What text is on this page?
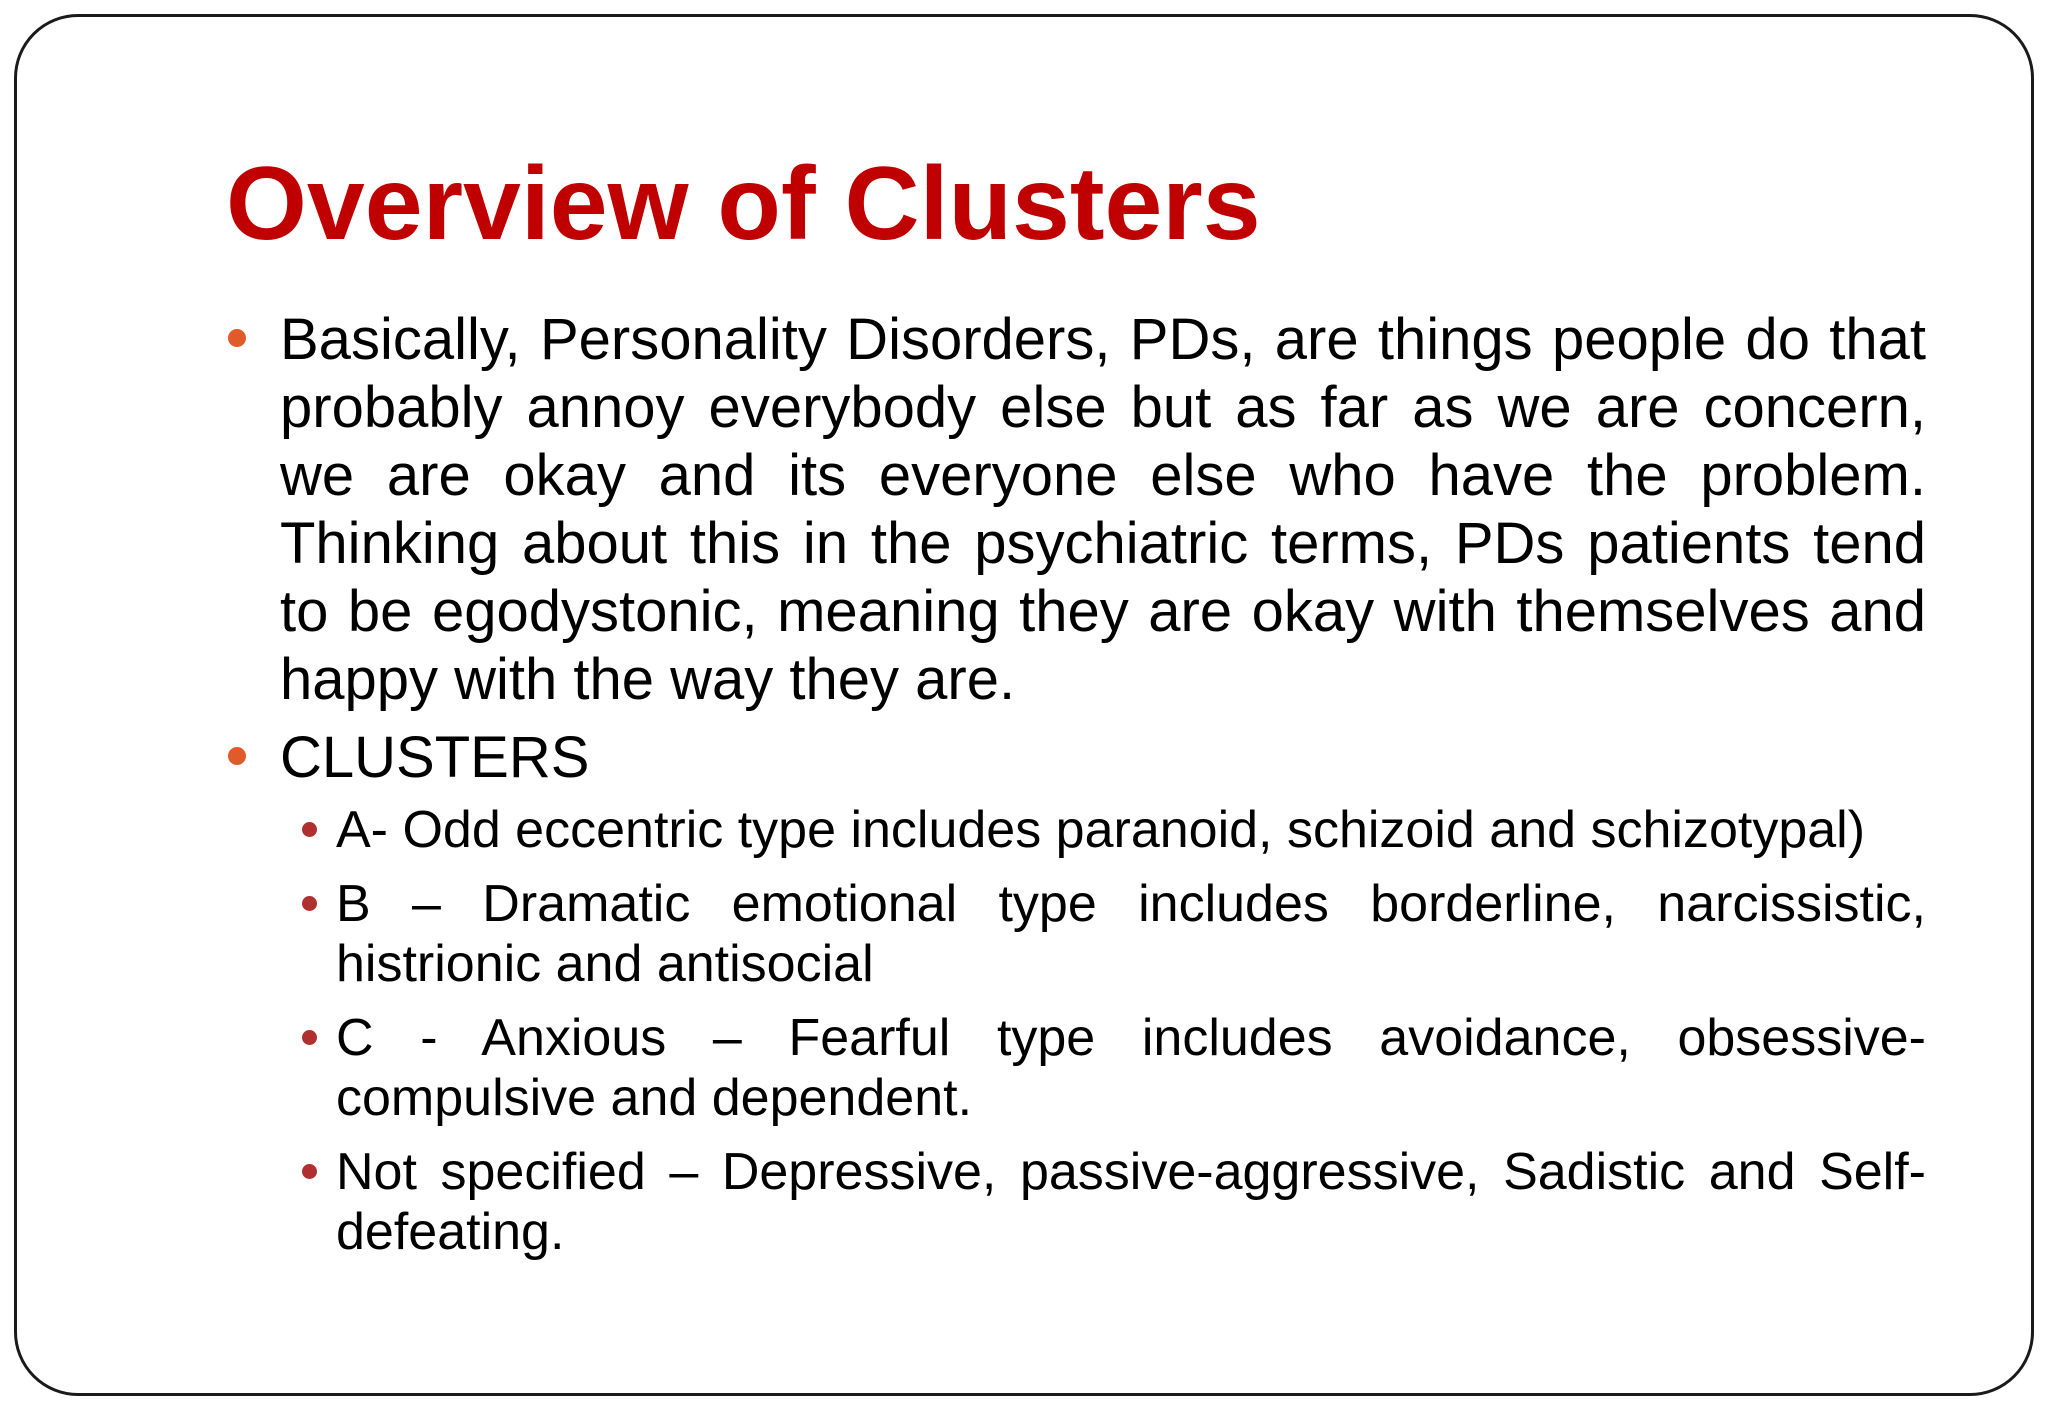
Overview of Clusters
Basically, Personality Disorders, PDs, are things people do that probably annoy everybody else but as far as we are concern, we are okay and its everyone else who have the problem. Thinking about this in the psychiatric terms, PDs patients tend to be egodystonic, meaning they are okay with themselves and happy with the way they are.
CLUSTERS
A- Odd eccentric type includes paranoid, schizoid and schizotypal)
B – Dramatic emotional type includes borderline, narcissistic, histrionic and antisocial
C - Anxious – Fearful type includes avoidance, obsessive-compulsive and dependent.
Not specified – Depressive, passive-aggressive, Sadistic and Self-defeating.
